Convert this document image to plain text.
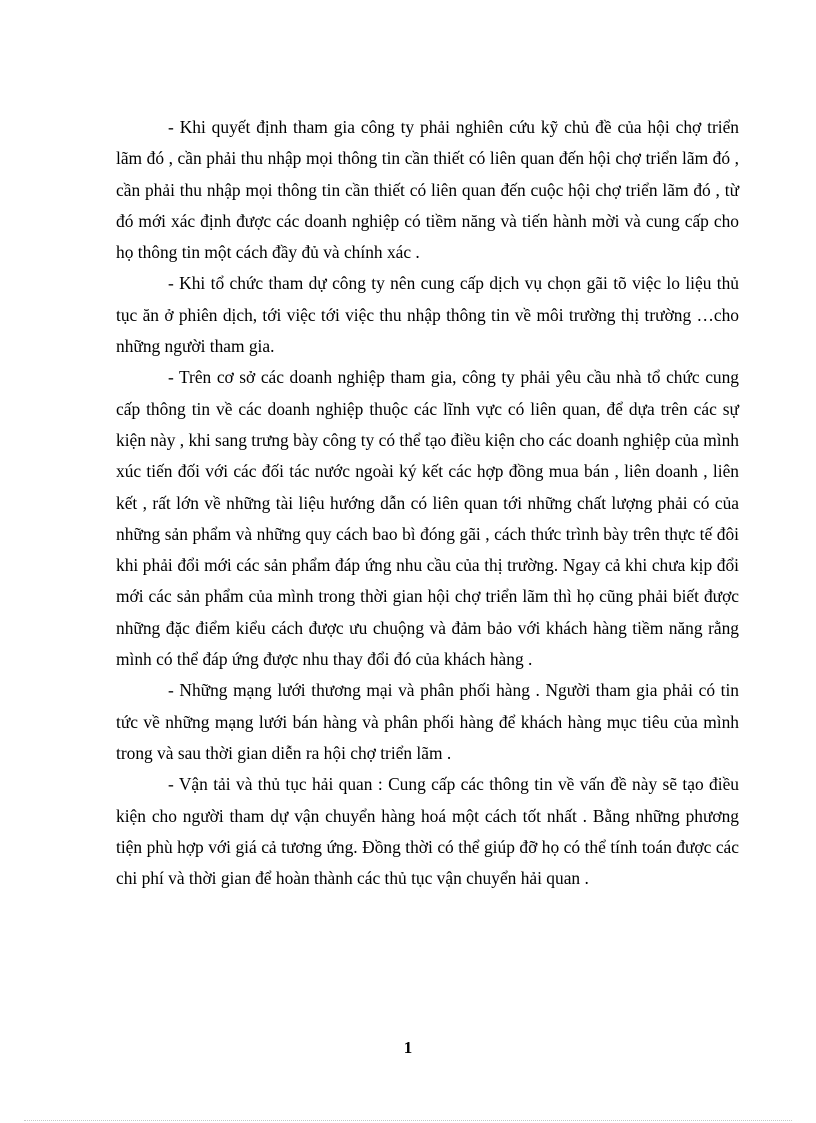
- Khi quyết định tham gia công ty phải nghiên cứu kỹ chủ đề của hội chợ triển lãm đó , cần phải thu nhập mọi thông tin cần thiết có liên quan đến hội chợ triển lãm đó , cần phải thu nhập mọi thông tin cần thiết có liên quan đến cuộc hội chợ triển lãm đó , từ đó mới xác định được các doanh nghiệp có tiềm năng và tiến hành mời và cung cấp cho họ thông tin một cách đầy đủ và chính xác .

- Khi tổ chức tham dự công ty nên cung cấp dịch vụ chọn gãi tõ việc lo liệu thủ tục ăn ở phiên dịch, tới việc tới việc thu nhập thông tin về môi trường thị trường …cho những người tham gia.

- Trên cơ sở các doanh nghiệp tham gia, công ty phải yêu cầu nhà tổ chức cung cấp thông tin về các doanh nghiệp thuộc các lĩnh vực có liên quan, để dựa trên các sự kiện này , khi sang trưng bày công ty có thể tạo điều kiện cho các doanh nghiệp của mình xúc tiến đối với các đối tác nước ngoài ký kết các hợp đồng mua bán , liên doanh , liên kết , rất lớn về những tài liệu hướng dẫn có liên quan tới những chất lượng phải có của những sản phẩm và những quy cách bao bì đóng gãi , cách thức trình bày trên thực tế đôi khi phải đổi mới các sản phẩm đáp ứng nhu cầu của thị trường. Ngay cả khi chưa kịp đổi mới các sản phẩm của mình trong thời gian hội chợ triển lãm thì họ cũng phải biết được những đặc điểm kiểu cách được ưu chuộng và đảm bảo với khách hàng tiềm năng rằng mình có thể đáp ứng được nhu thay đổi đó của khách hàng .

- Những mạng lưới thương mại và phân phối hàng . Người tham gia phải có tin tức về những mạng lưới bán hàng và phân phối hàng để khách hàng mục tiêu của mình trong và sau thời gian diễn ra hội chợ triển lãm .

- Vận tải và thủ tục hải quan : Cung cấp các thông tin về vấn đề này sẽ tạo điều kiện cho người tham dự vận chuyển hàng hoá một cách tốt nhất . Bằng những phương tiện phù hợp với giá cả tương ứng. Đồng thời có thể giúp đỡ họ có thể tính toán được các chi phí và thời gian để hoàn thành các thủ tục vận chuyển hải quan .

1
